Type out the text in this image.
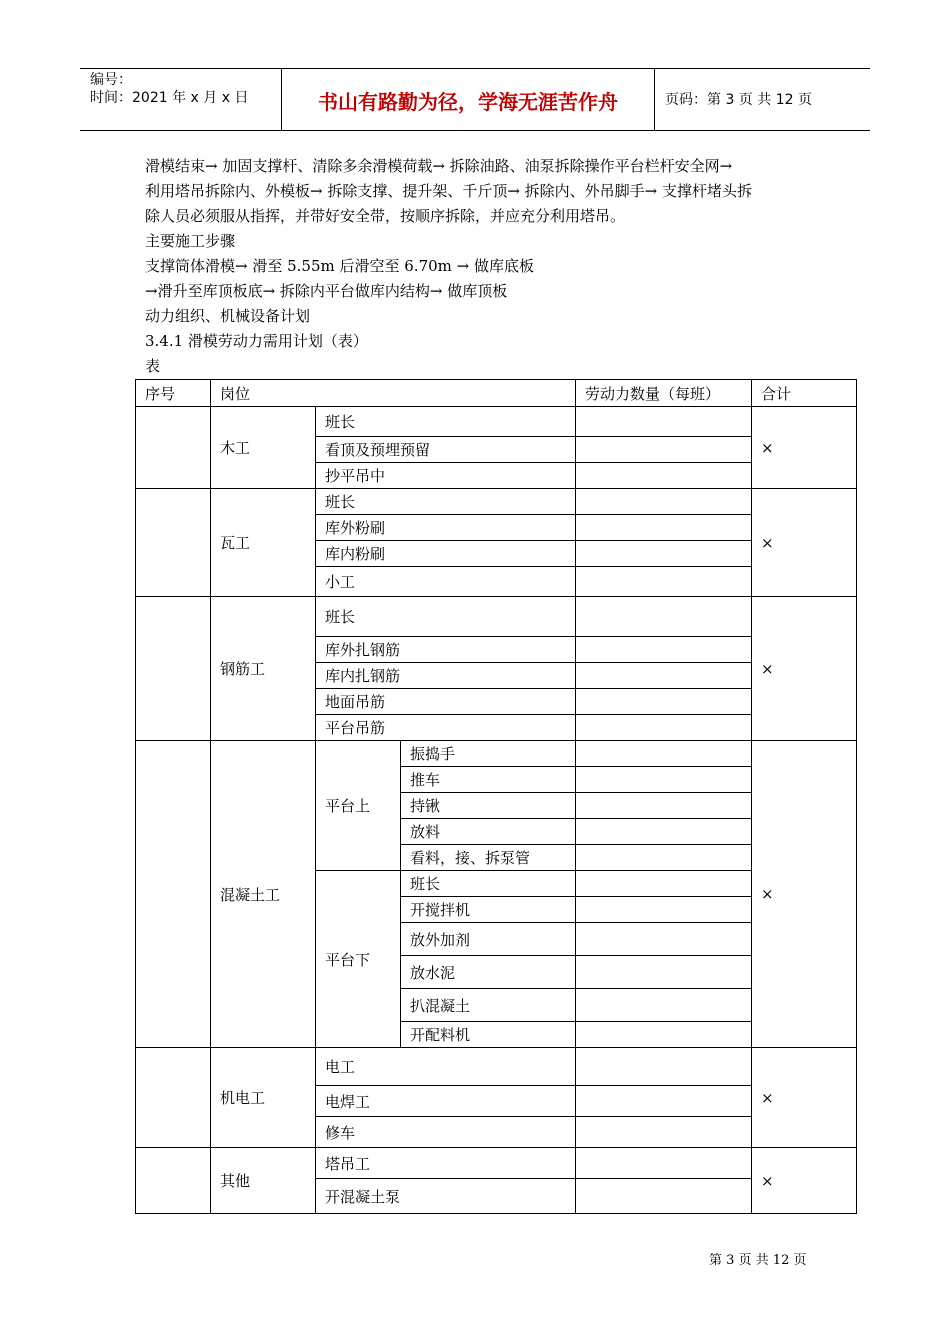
编号：
时间：2021 年 x 月 x 日	书山有路勤为径，学海无涯苦作舟	页码：第 3 页 共 12 页
滑模结束→ 加固支撑杆、清除多余滑模荷载→ 拆除油路、油泵拆除操作平台栏杆安全网→
利用塔吊拆除内、外模板→ 拆除支撑、提升架、千斤顶→ 拆除内、外吊脚手→ 支撑杆堵头拆
除人员必须服从指挥，并带好安全带，按顺序拆除，并应充分利用塔吊。
主要施工步骤
支撑筒体滑模→ 滑至 5.55m 后滑空至 6.70m → 做库底板
→滑升至库顶板底→ 拆除内平台做库内结构→ 做库顶板
动力组织、机械设备计划
3.4.1 滑模劳动力需用计划（表）
表
序号	岗位			劳动力数量（每班）	合计
	木工	班长			×
		看顶及预埋预留			
		抄平吊中			
	瓦工	班长			×
		库外粉刷			
		库内粉刷			
		小工			
	钢筋工	班长			×
		库外扎钢筋			
		库内扎钢筋			
		地面吊筋			
		平台吊筋			
	混凝土工	平台上	振捣手		×
			推车		
			持锹		
			放料		
			看料，接、拆泵管		
		平台下	班长		
			开搅拌机		
			放外加剂		
			放水泥		
			扒混凝土		
			开配料机		
	机电工	电工			×
		电焊工			
		修车			
	其他	塔吊工			×
		开混凝土泵			
第 3 页 共 12 页
